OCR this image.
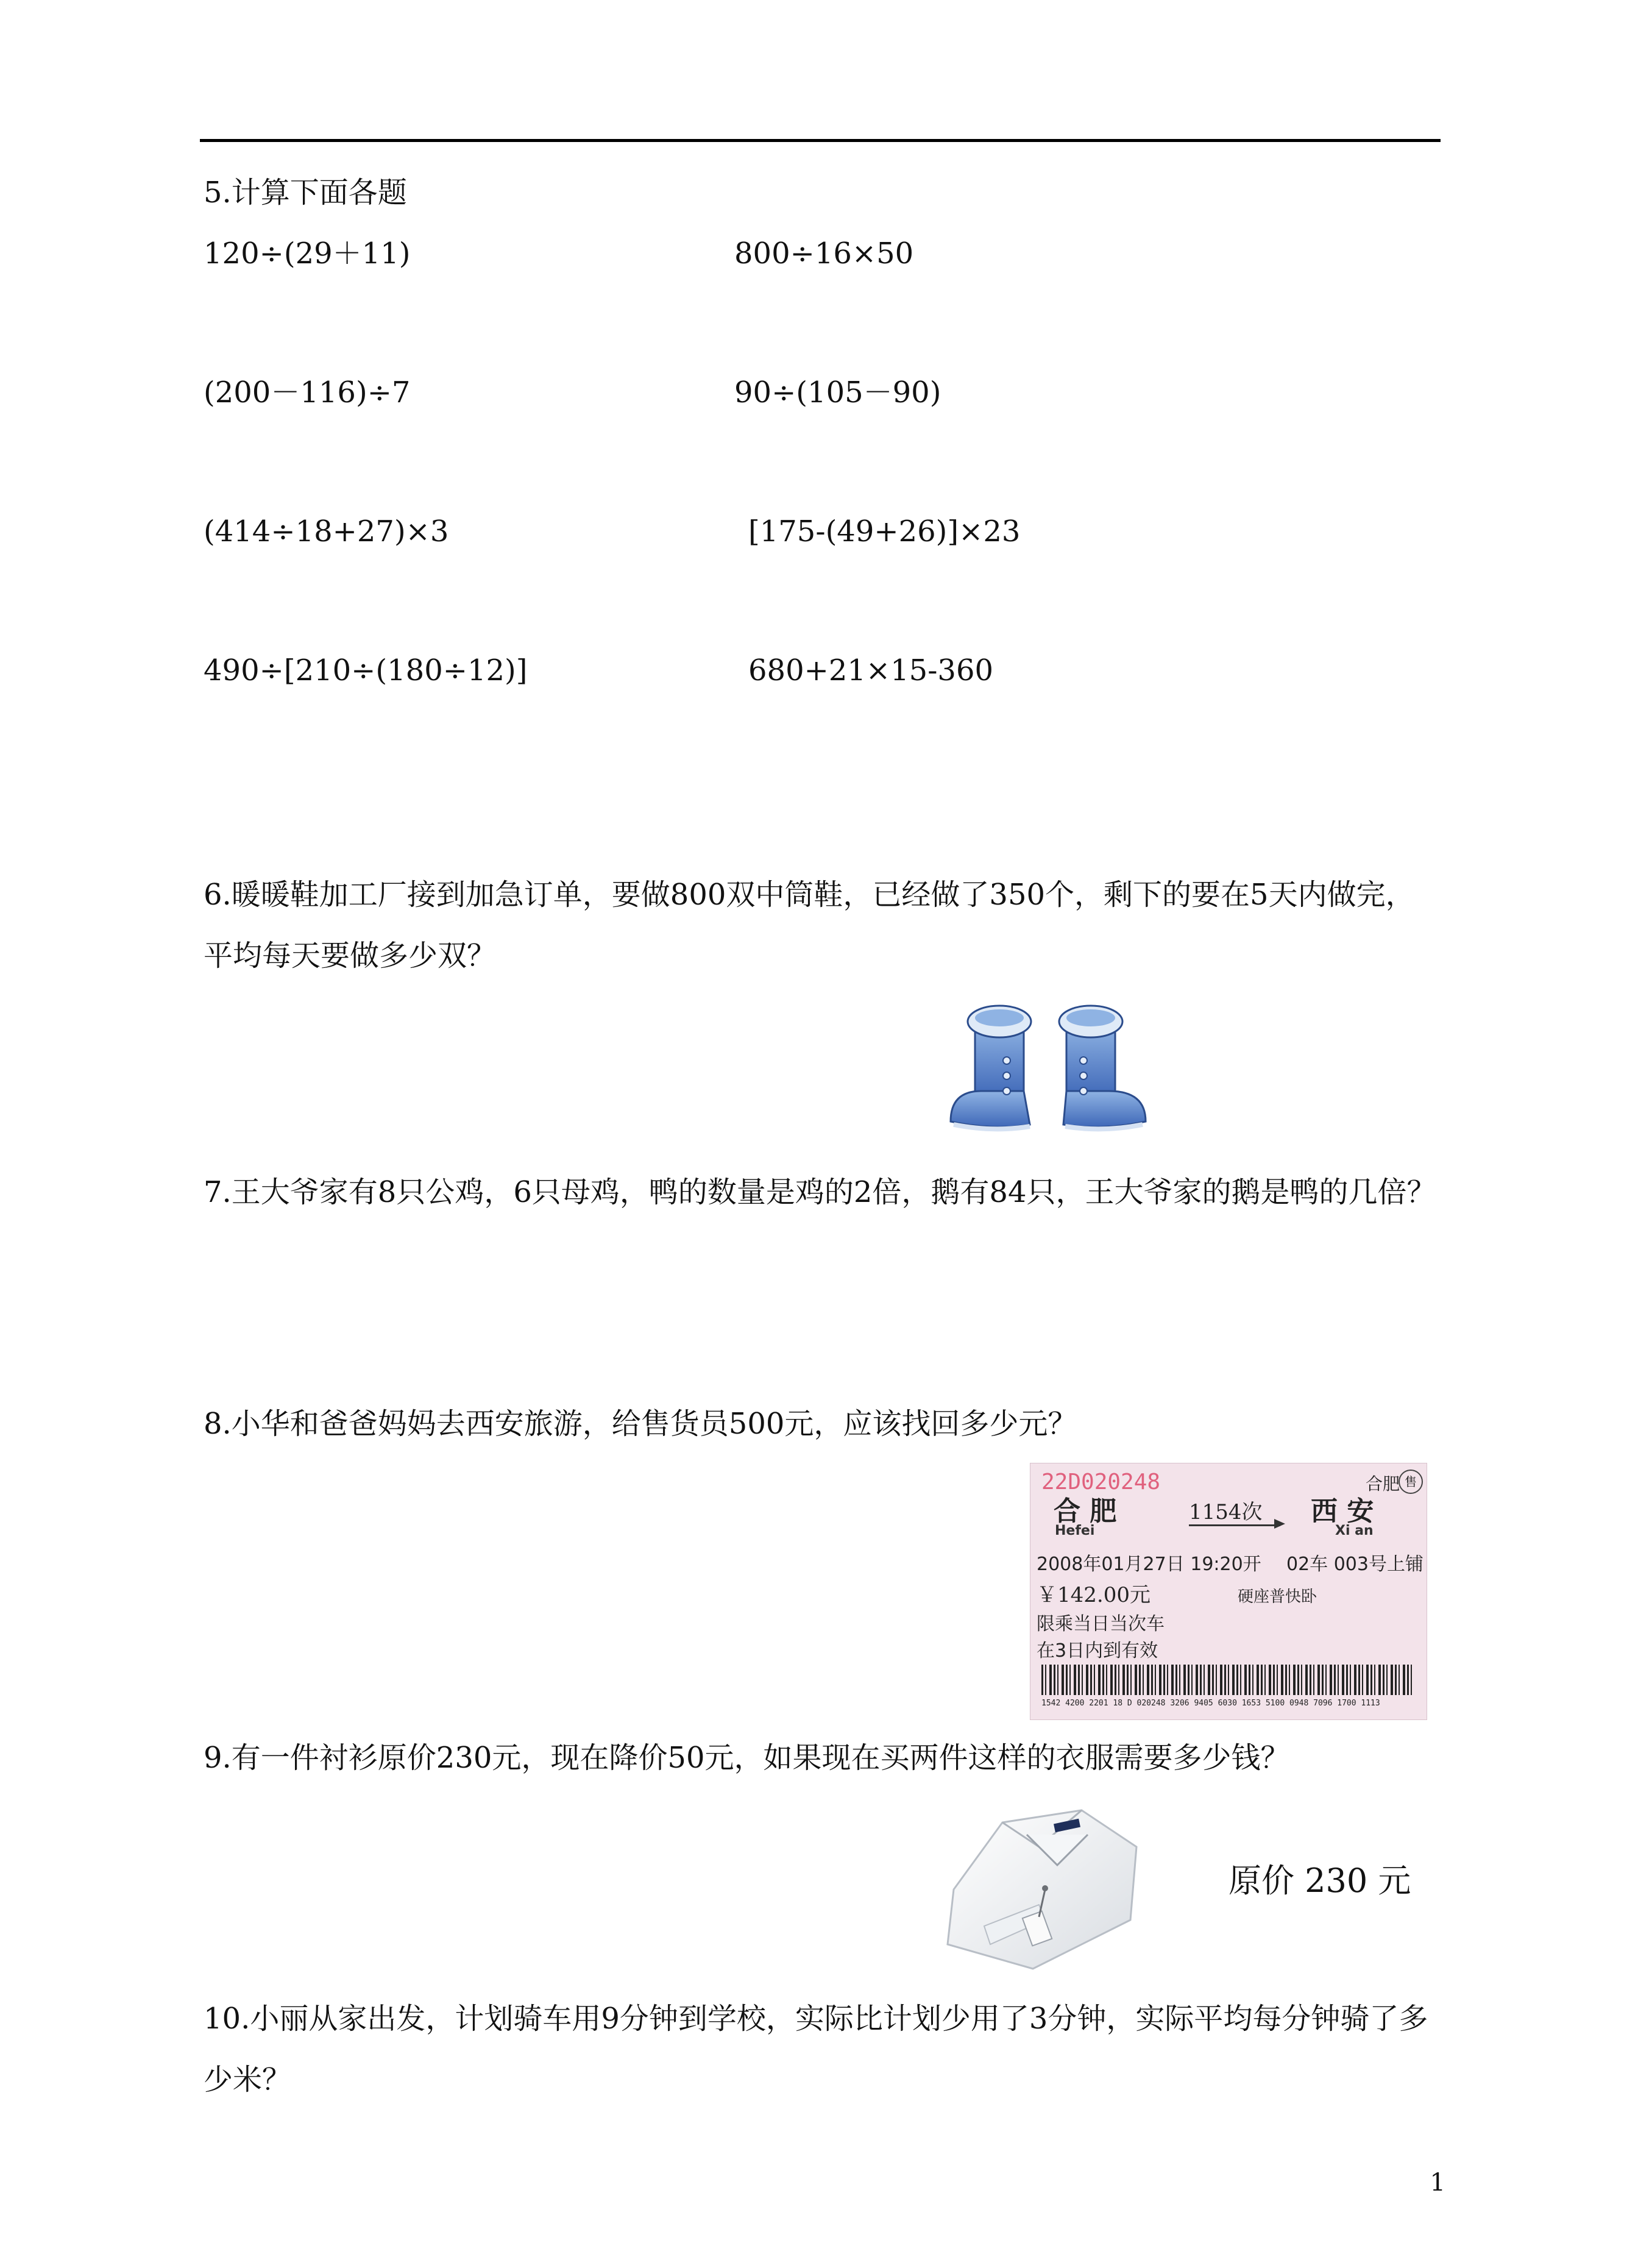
5.计算下面各题
120÷(29＋11)	800÷16×50
(200－116)÷7	90÷(105－90)
(414÷18+27)×3	[175-(49+26)]×23
490÷[210÷(180÷12)]	680+21×15-360
6.暖暖鞋加工厂接到加急订单，要做800双中筒鞋，已经做了350个，剩下的要在5天内做完，平均每天要做多少双？
7.王大爷家有8只公鸡，6只母鸡，鸭的数量是鸡的2倍，鹅有84只，王大爷家的鹅是鸭的几倍？
8.小华和爸爸妈妈去西安旅游，给售货员500元，应该找回多少元？
22D020248	合肥 售
合 肥
Hefei
1154次 西 安
Xi an
2008年01月27日 19:20开 02车 003号上铺
￥142.00元	硬座普快卧
限乘当日当次车
在3日内到有效
1542 4200 2201 18 D 020248 3206 9405 6030 1653 5100 0948 7096 1700 1113
9.有一件衬衫原价230元，现在降价50元，如果现在买两件这样的衣服需要多少钱？
原价 230 元
10.小丽从家出发，计划骑车用9分钟到学校，实际比计划少用了3分钟，实际平均每分钟骑了多少米？
1
